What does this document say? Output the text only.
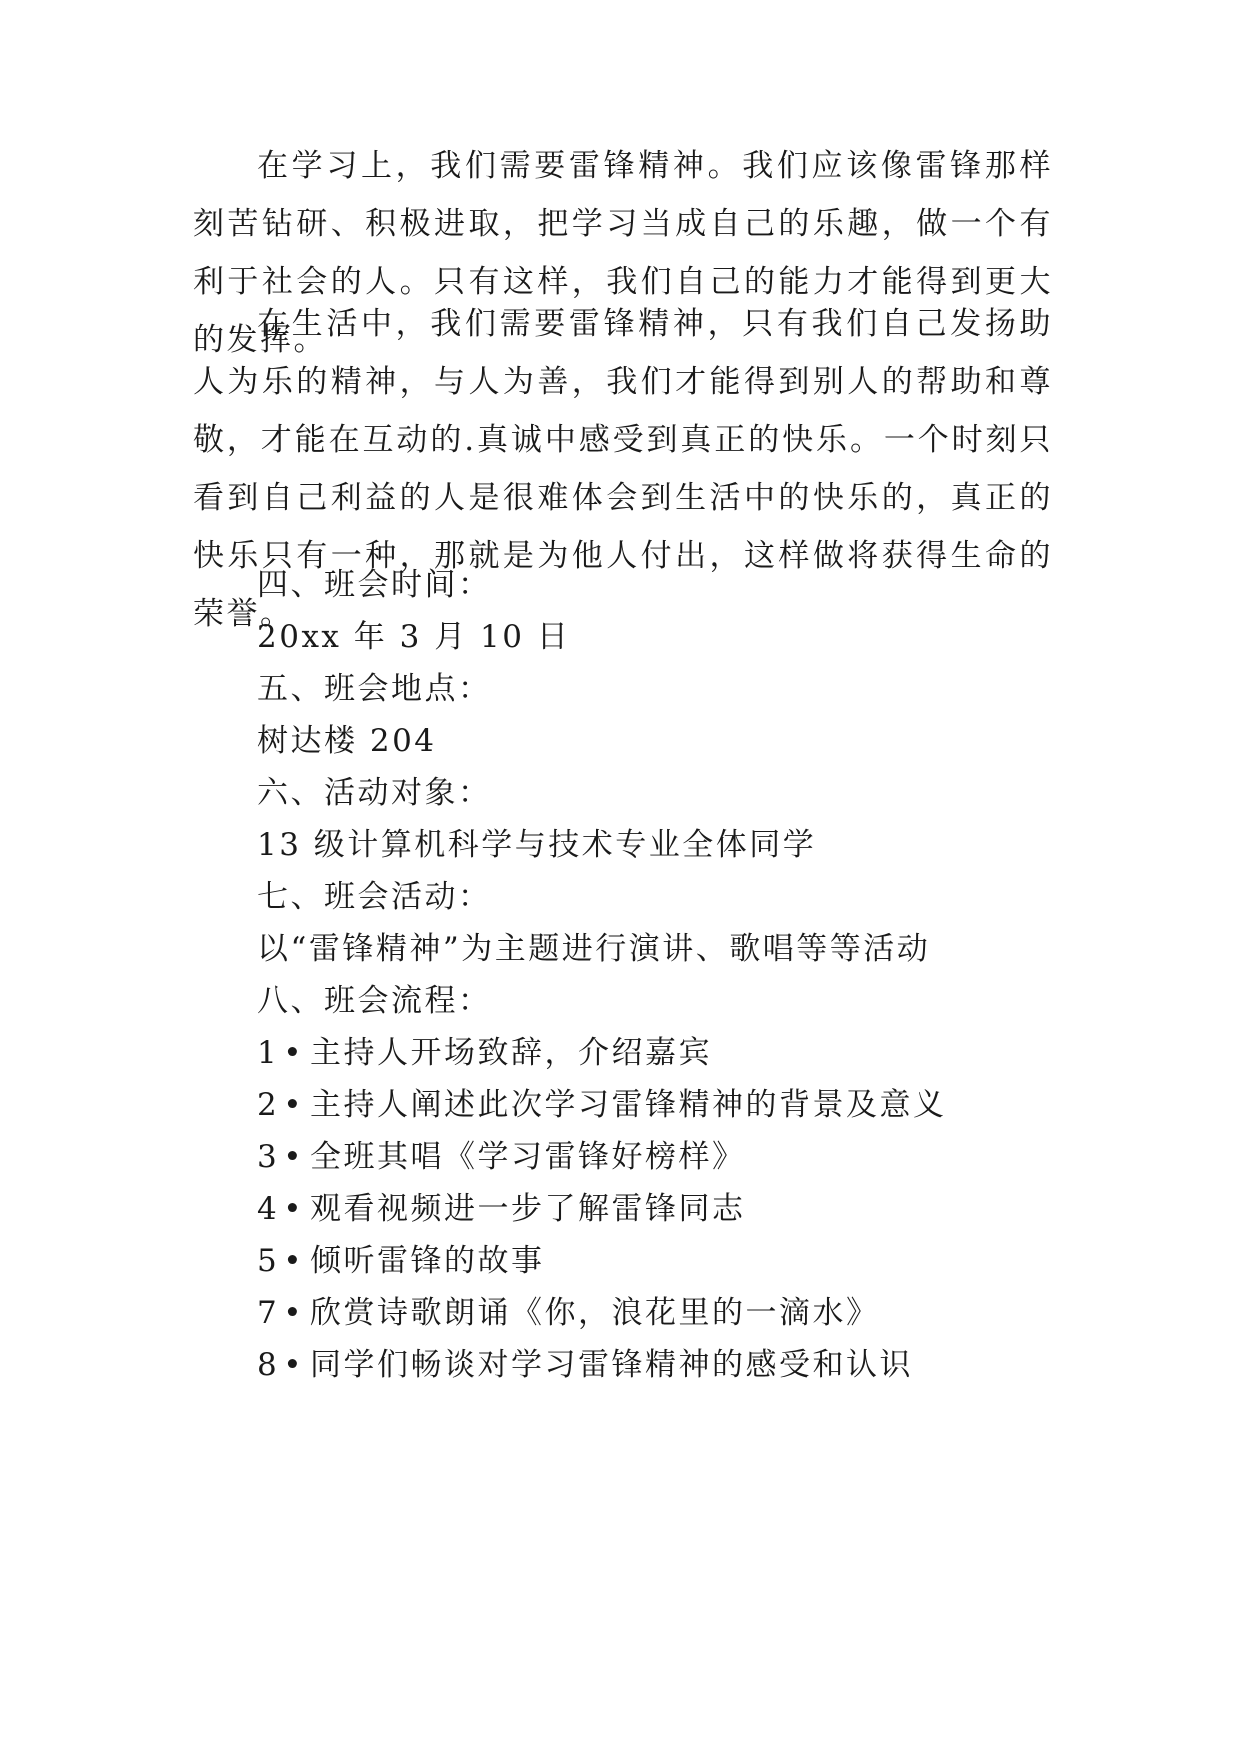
在学习上，我们需要雷锋精神。我们应该像雷锋那样刻苦钻研、积极进取，把学习当成自己的乐趣，做一个有利于社会的人。只有这样，我们自己的能力才能得到更大的发挥。

在生活中，我们需要雷锋精神，只有我们自己发扬助人为乐的精神，与人为善，我们才能得到别人的帮助和尊敬，才能在互动的.真诚中感受到真正的快乐。一个时刻只看到自己利益的人是很难体会到生活中的快乐的，真正的快乐只有一种，那就是为他人付出，这样做将获得生命的荣誉。

四、班会时间：
20xx 年 3 月 10 日
五、班会地点：
树达楼 204
六、活动对象：
13 级计算机科学与技术专业全体同学
七、班会活动：
以“雷锋精神”为主题进行演讲、歌唱等等活动
八、班会流程：
1 • 主持人开场致辞，介绍嘉宾
2 • 主持人阐述此次学习雷锋精神的背景及意义
3 • 全班其唱《学习雷锋好榜样》
4 • 观看视频进一步了解雷锋同志
5 • 倾听雷锋的故事
7 • 欣赏诗歌朗诵《你，浪花里的一滴水》
8 • 同学们畅谈对学习雷锋精神的感受和认识
